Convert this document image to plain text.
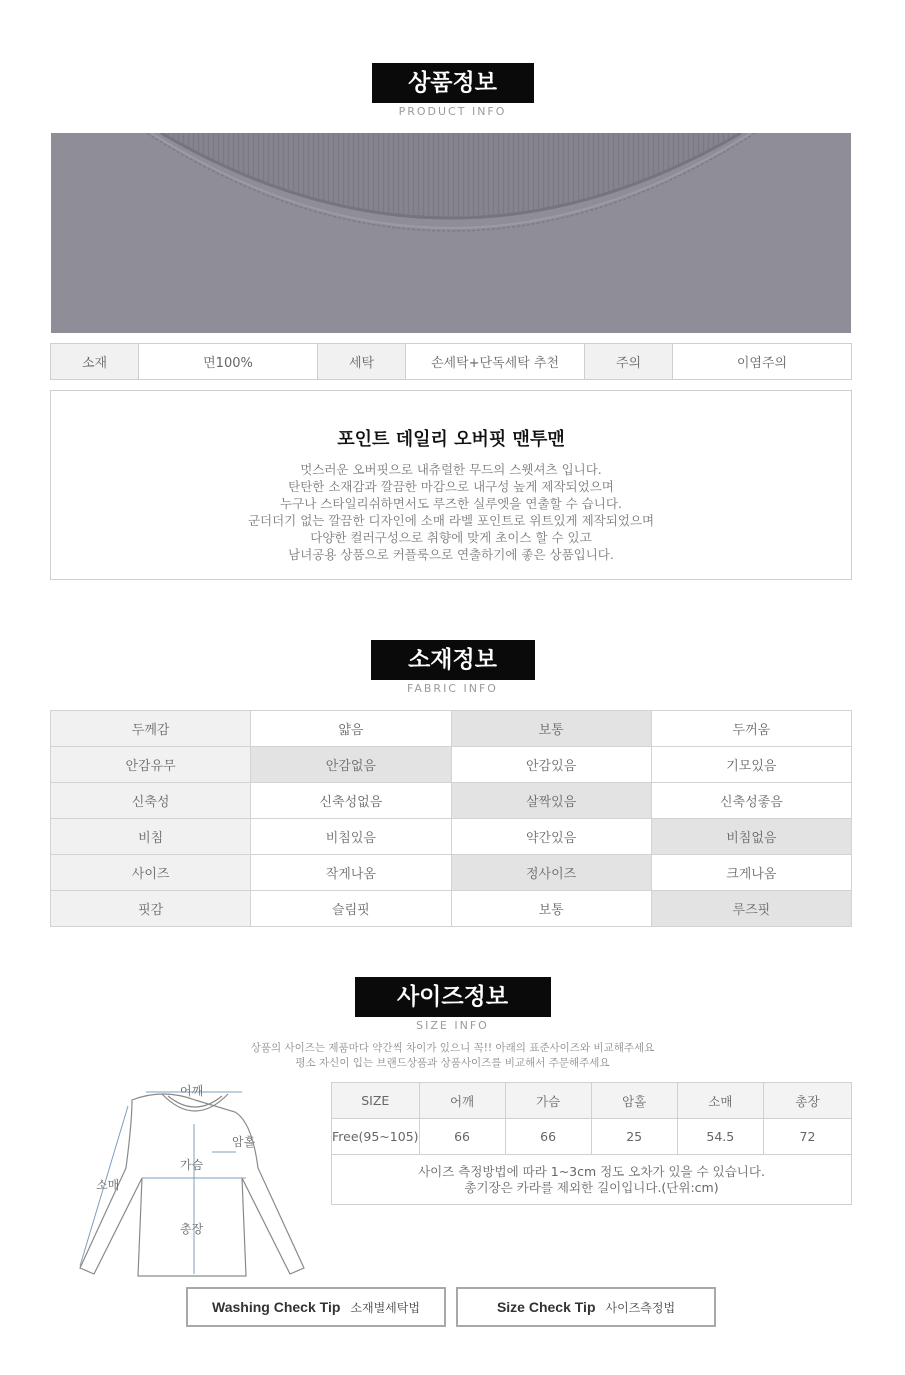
상품정보
PRODUCT INFO
소재	면100%	세탁	손세탁+단독세탁 추천	주의	이염주의
포인트 데일리 오버핏 맨투맨
멋스러운 오버핏으로 내츄럴한 무드의 스웻셔츠 입니다.
탄탄한 소재감과 깔끔한 마감으로 내구성 높게 제작되었으며
누구나 스타일리쉬하면서도 루즈한 실루엣을 연출할 수 습니다.
군더더기 없는 깔끔한 디자인에 소매 라벨 포인트로 위트있게 제작되었으며
다양한 컬러구성으로 취향에 맞게 초이스 할 수 있고
남녀공용 상품으로 커플룩으로 연출하기에 좋은 상품입니다.
소재정보
FABRIC INFO
두께감	얇음	보통	두꺼움
안감유무	안감없음	안감있음	기모있음
신축성	신축성없음	살짝있음	신축성좋음
비침	비침있음	약간있음	비침없음
사이즈	작게나옴	정사이즈	크게나옴
핏감	슬림핏	보통	루즈핏
사이즈정보
SIZE INFO
상품의 사이즈는 제품마다 약간씩 차이가 있으니 꼭!! 아래의 표준사이즈와 비교해주세요
평소 자신이 입는 브랜드상품과 상품사이즈를 비교해서 주문해주세요
어깨
암홀
가슴
소매
총장
SIZE	어깨	가슴	암홀	소매	총장
Free(95~105)	66	66	25	54.5	72

사이즈 측정방법에 따라 1~3cm 정도 오차가 있을 수 있습니다.
총기장은 카라를 제외한 길이입니다.(단위:cm)					
Washing Check Tip 소재별세탁법	Size Check Tip 사이즈측정법
